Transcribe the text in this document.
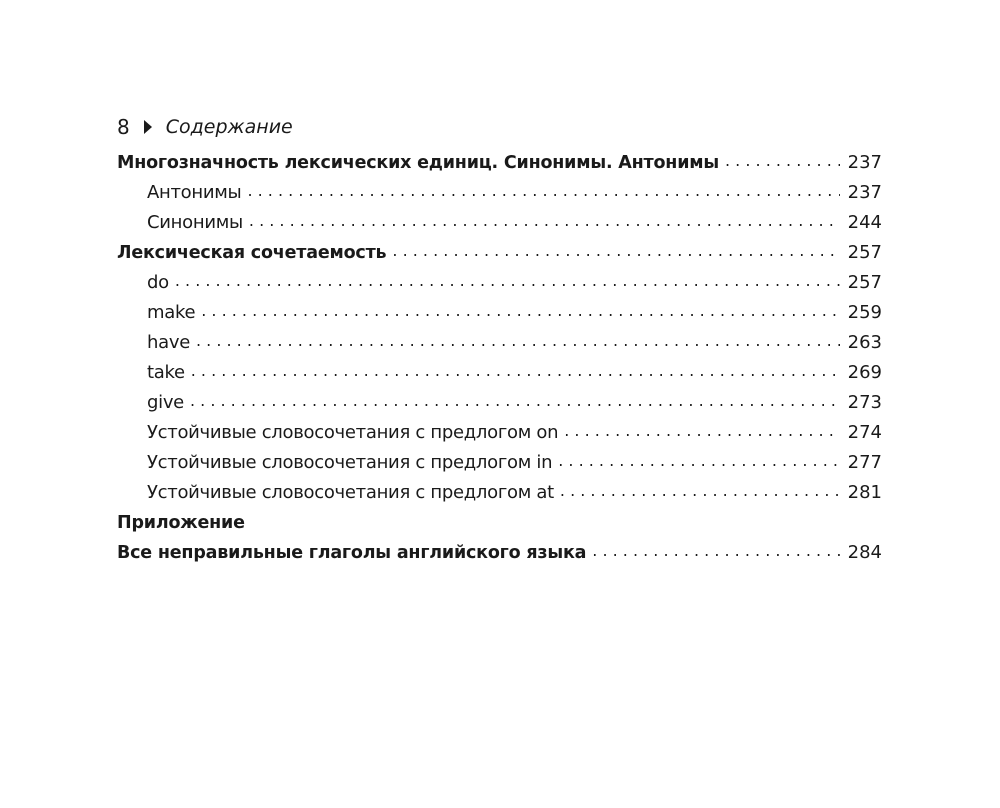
8 Содержание
Многозначность лексических единиц. Синонимы. Антонимы . . .	237
Антонимы . . .	237
Синонимы . . .	244
Лексическая сочетаемость . . .	257
do . . .	257
make . . .	259
have . . .	263
take . . .	269
give . . .	273
Устойчивые словосочетания с предлогом on . . .	274
Устойчивые словосочетания с предлогом in . . .	277
Устойчивые словосочетания с предлогом at . . .	281
Приложение
Все неправильные глаголы английского языка . . .	284
